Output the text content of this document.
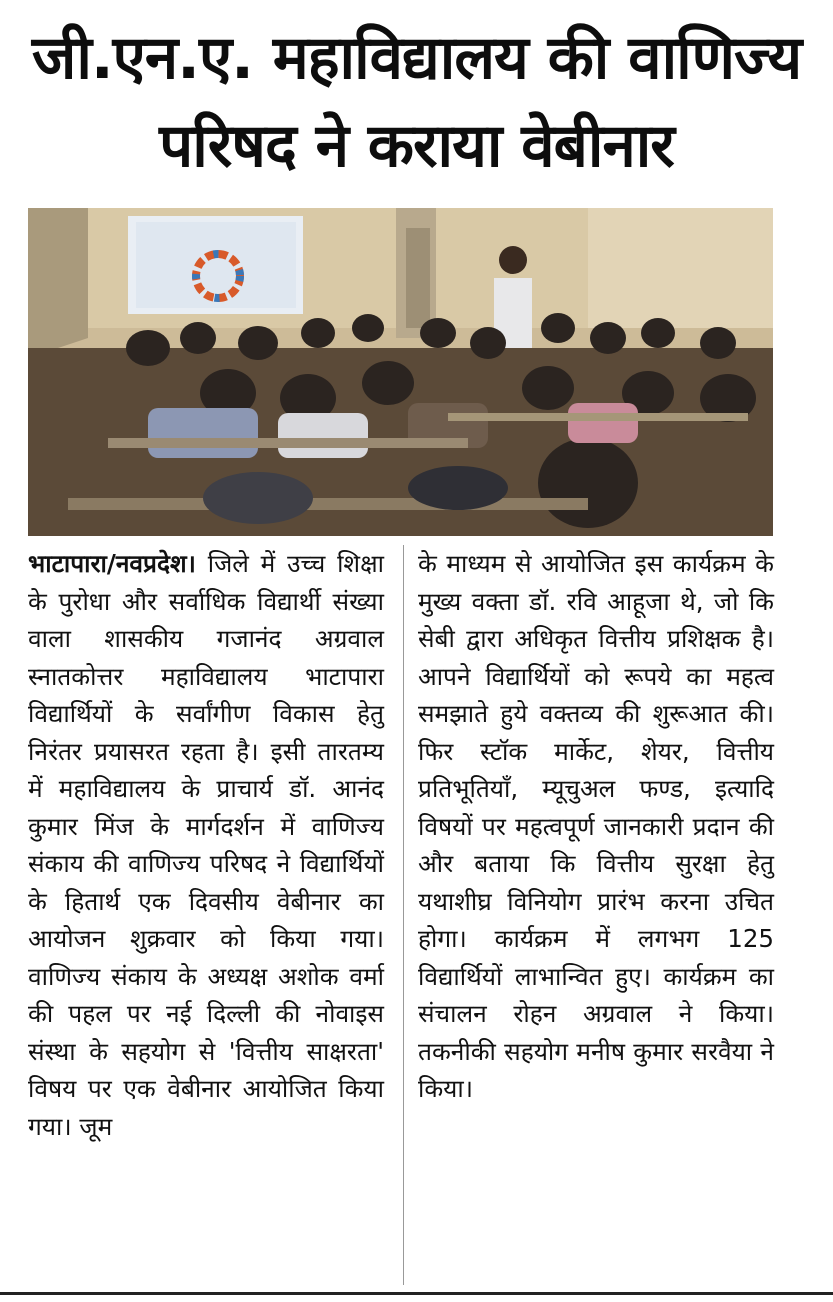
जी.एन.ए. महाविद्यालय की वाणिज्य
परिषद ने कराया वेबीनार
भाटापारा/नवप्रदेश। जिले में उच्च शिक्षा के पुरोधा और सर्वाधिक विद्यार्थी संख्या वाला शासकीय गजानंद अग्रवाल स्नातकोत्तर महाविद्यालय भाटापारा विद्यार्थियों के सर्वांगीण विकास हेतु निरंतर प्रयासरत रहता है। इसी तारतम्य में महाविद्यालय के प्राचार्य डॉ. आनंद कुमार मिंज के मार्गदर्शन में वाणिज्य संकाय की वाणिज्य परिषद ने विद्यार्थियों के हितार्थ एक दिवसीय वेबीनार का आयोजन शुक्रवार को किया गया। वाणिज्य संकाय के अध्यक्ष अशोक वर्मा की पहल पर नई दिल्ली की नोवाइस संस्था के सहयोग से 'वित्तीय साक्षरता' विषय पर एक वेबीनार आयोजित किया गया। जूम
के माध्यम से आयोजित इस कार्यक्रम के मुख्य वक्ता डॉ. रवि आहूजा थे, जो कि सेबी द्वारा अधिकृत वित्तीय प्रशिक्षक है। आपने विद्यार्थियों को रूपये का महत्व समझाते हुये वक्तव्य की शुरूआत की। फिर स्टॉक मार्केट, शेयर, वित्तीय प्रतिभूतियाँ, म्यूचुअल फण्ड, इत्यादि विषयों पर महत्वपूर्ण जानकारी प्रदान की और बताया कि वित्तीय सुरक्षा हेतु यथाशीघ्र विनियोग प्रारंभ करना उचित होगा। कार्यक्रम में लगभग 125 विद्यार्थियों लाभान्वित हुए। कार्यक्रम का संचालन रोहन अग्रवाल ने किया। तकनीकी सहयोग मनीष कुमार सरवैया ने किया।
